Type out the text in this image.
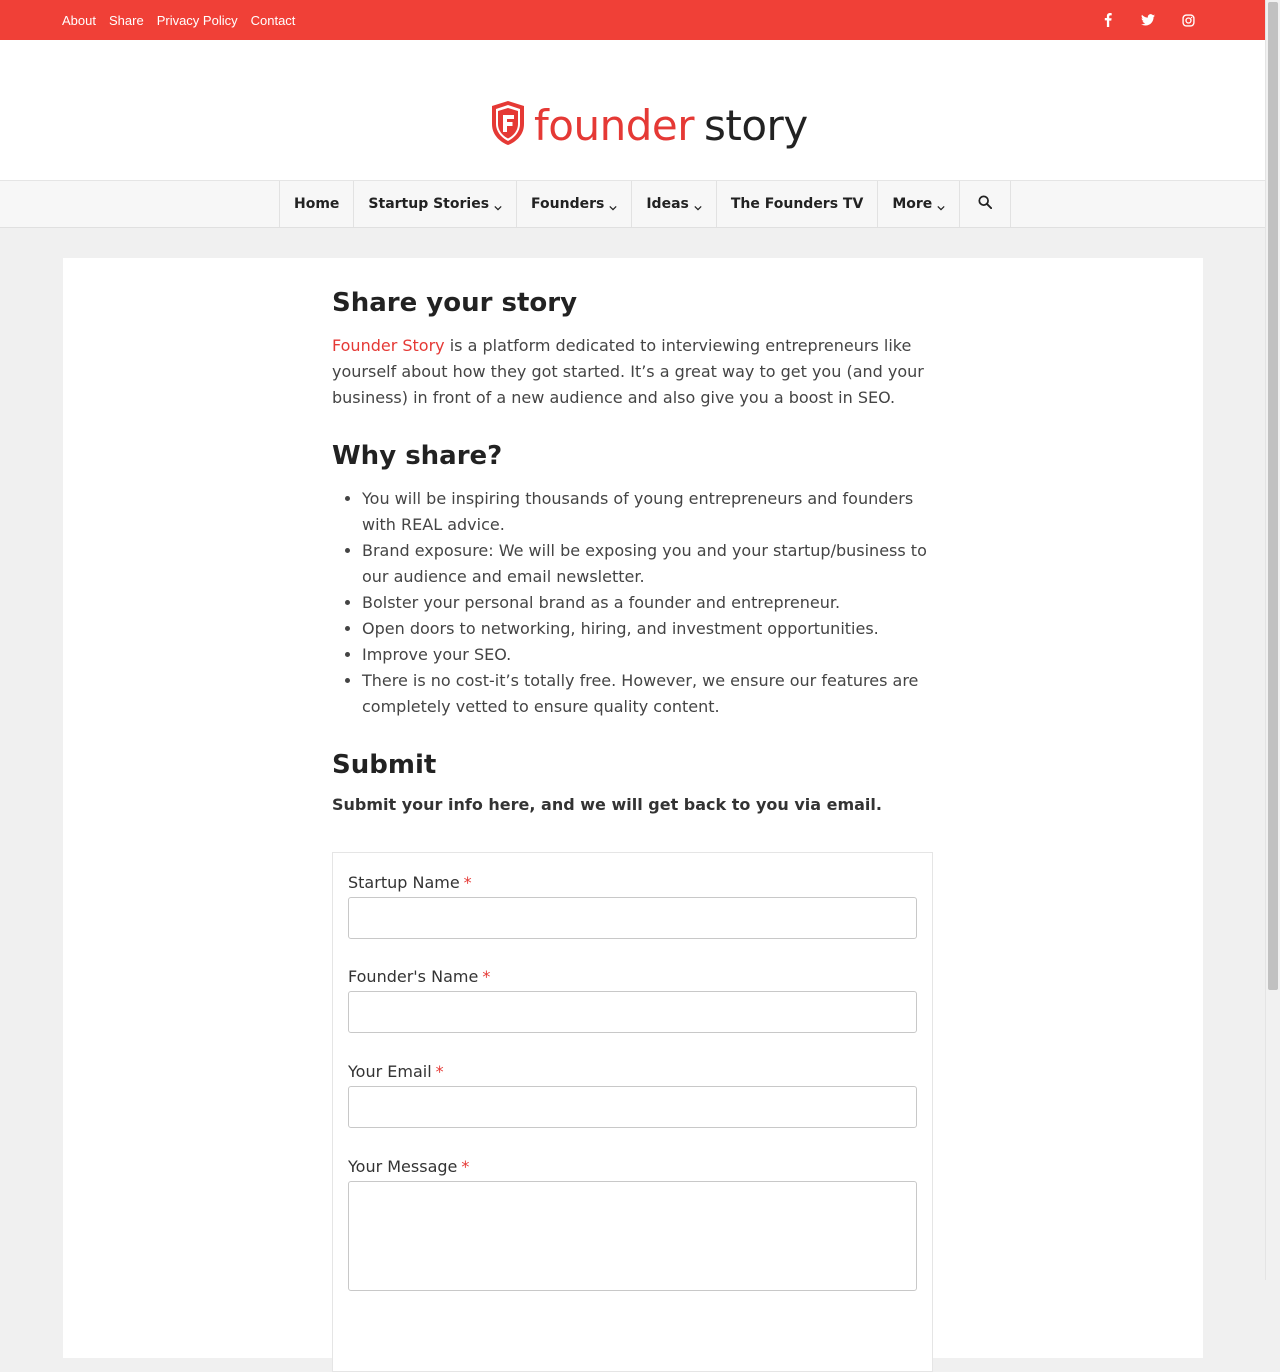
About Share Privacy Policy Contact
founder story
Home Startup Stories	Founders	Ideas	The Founders TV More
Share your story

Founder Story is a platform dedicated to interviewing entrepreneurs like yourself about how they got started. It’s a great way to get you (and your business) in front of a new audience and also give you a boost in SEO.

Why share?
• You will be inspiring thousands of young entrepreneurs and founders with REAL advice.
• Brand exposure: We will be exposing you and your startup/business to our audience and email newsletter.
• Bolster your personal brand as a founder and entrepreneur.
• Open doors to networking, hiring, and investment opportunities.
• Improve your SEO.
• There is no cost-it’s totally free. However, we ensure our features are completely vetted to ensure quality content.
Submit

Submit your info here, and we will get back to you via email.

Startup Name *
Founder's Name *
Your Email *
Your Message *
